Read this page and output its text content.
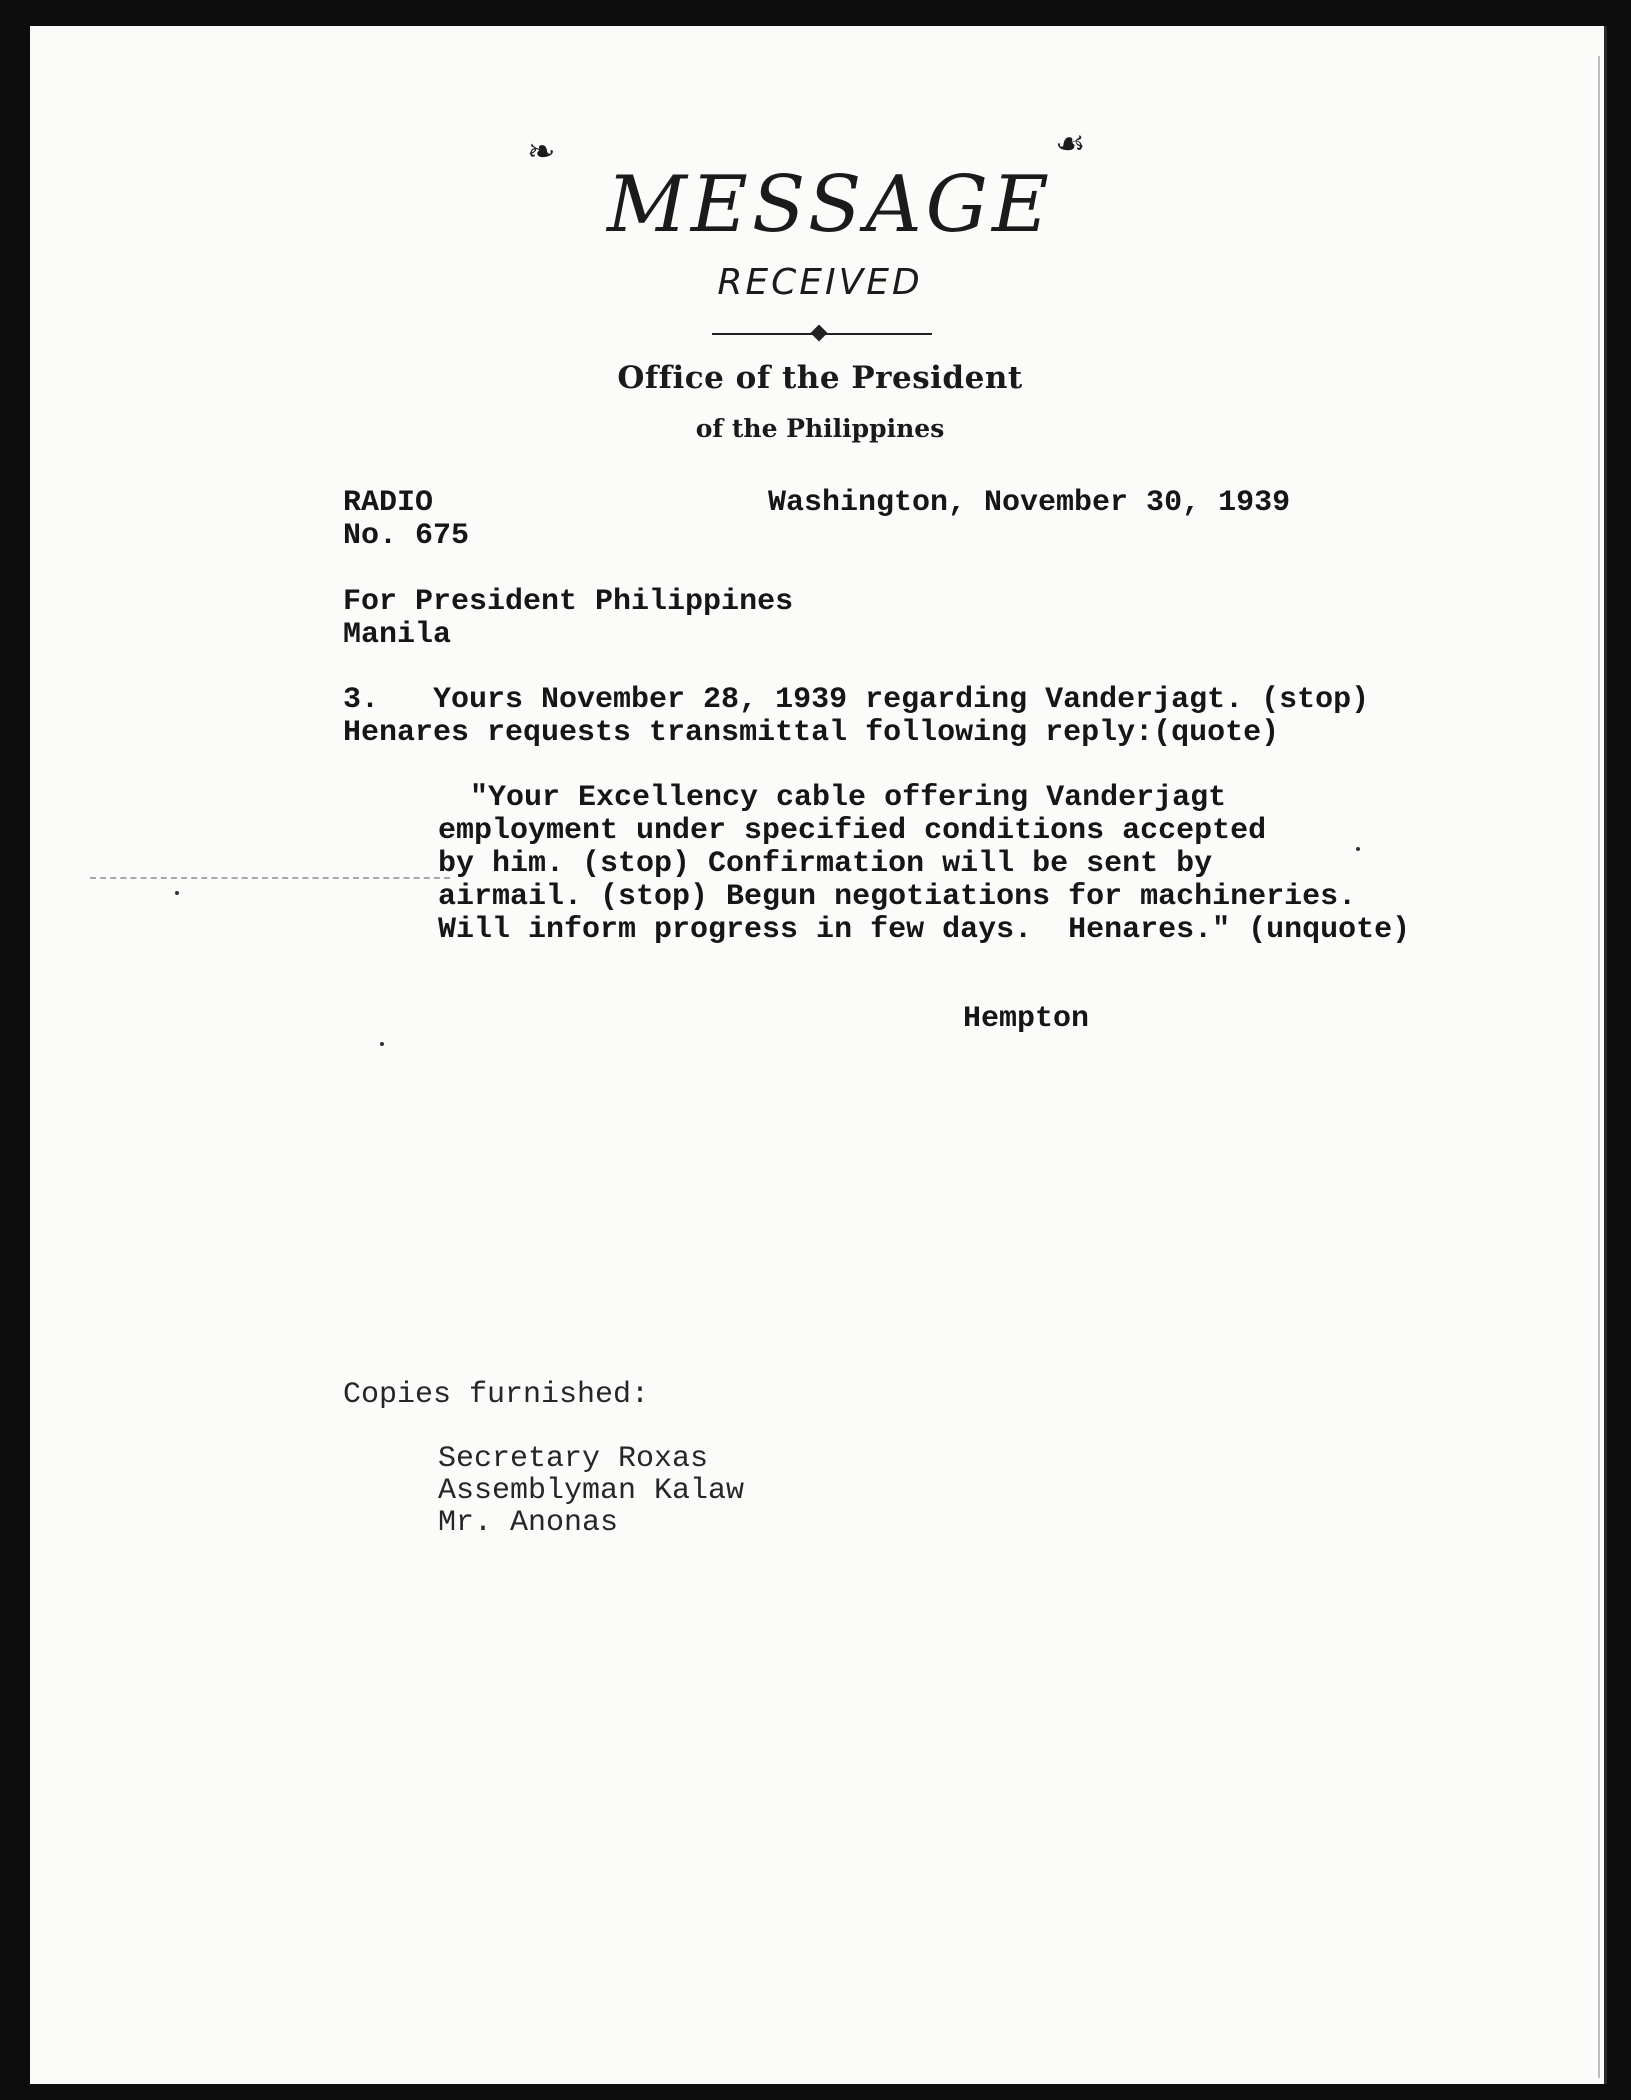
❧	☙
MESSAGE
RECEIVED
Office of the President
of the Philippines
RADIO
No. 675
Washington, November 30, 1939
For President Philippines
Manila
3.   Yours November 28, 1939 regarding Vanderjagt. (stop)
Henares requests transmittal following reply:(quote)
"Your Excellency cable offering Vanderjagt
employment under specified conditions accepted
by him. (stop) Confirmation will be sent by
airmail. (stop) Begun negotiations for machineries.
Will inform progress in few days.  Henares." (unquote)
Hempton
Copies furnished:
Secretary Roxas
Assemblyman Kalaw
Mr. Anonas
